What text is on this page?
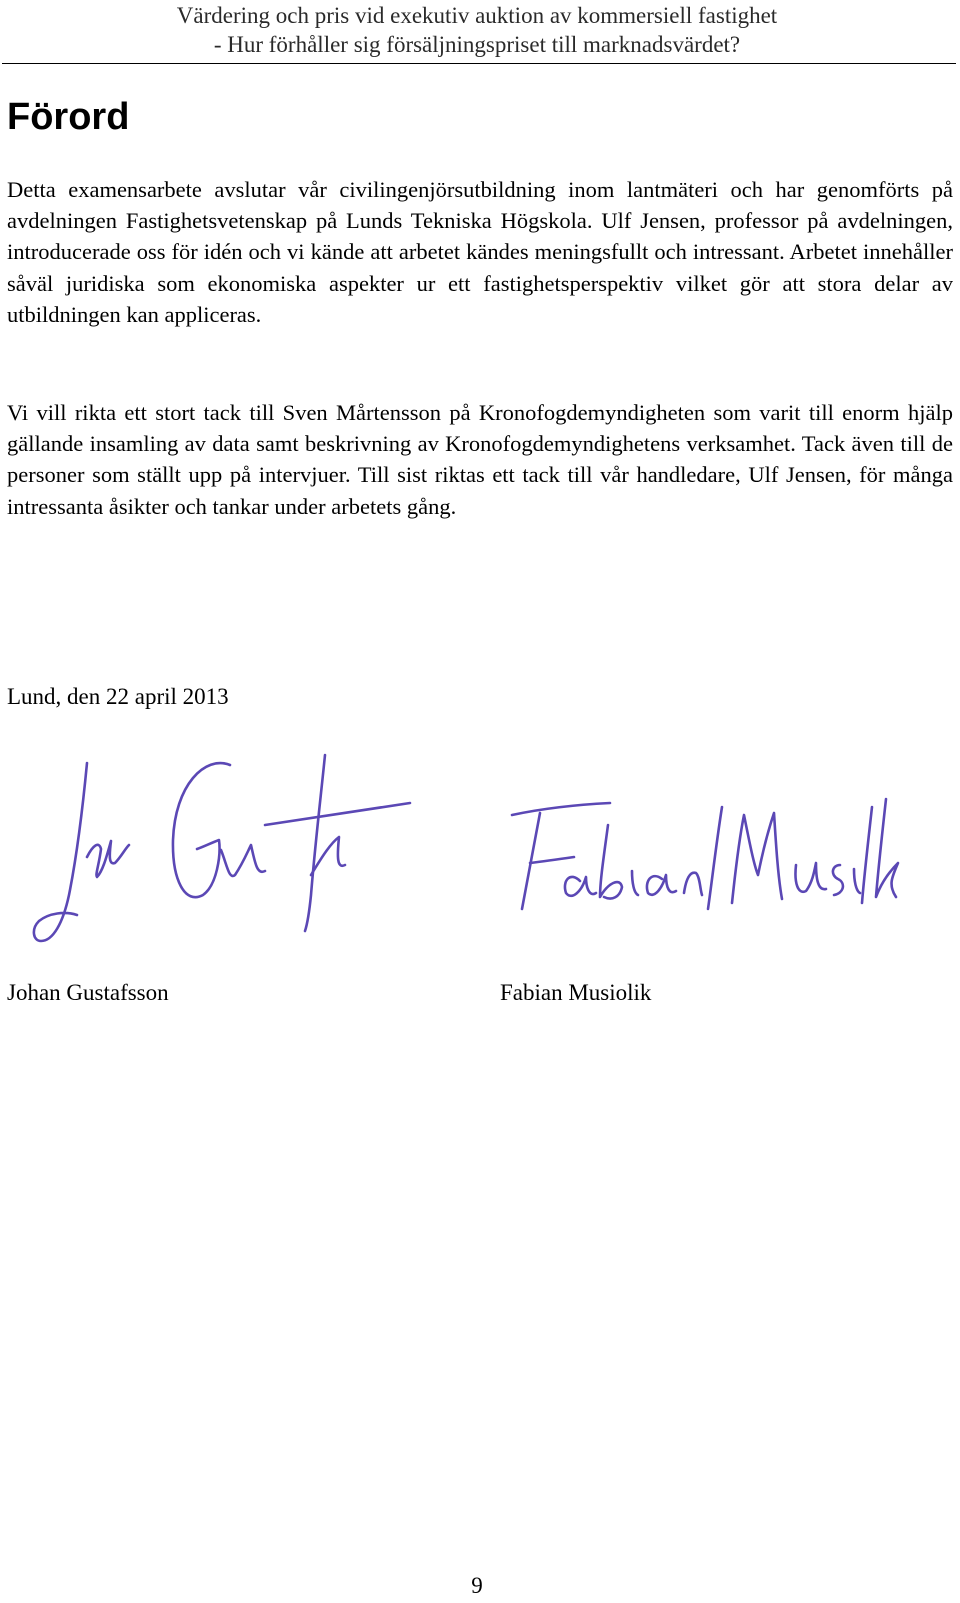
Värdering och pris vid exekutiv auktion av kommersiell fastighet
- Hur förhåller sig försäljningspriset till marknadsvärdet?
Förord

Detta examensarbete avslutar vår civilingenjörsutbildning inom lantmäteri och har genomförts på avdelningen Fastighetsvetenskap på Lunds Tekniska Högskola. Ulf Jensen, professor på avdelningen, introducerade oss för idén och vi kände att arbetet kändes meningsfullt och intressant. Arbetet innehåller såväl juridiska som ekonomiska aspekter ur ett fastighetsperspektiv vilket gör att stora delar av utbildningen kan appliceras.

Vi vill rikta ett stort tack till Sven Mårtensson på Kronofogdemyndigheten som varit till enorm hjälp gällande insamling av data samt beskrivning av Kronofogdemyndighetens verksamhet. Tack även till de personer som ställt upp på intervjuer. Till sist riktas ett tack till vår handledare, Ulf Jensen, för många intressanta åsikter och tankar under arbetets gång.

Lund, den 22 april 2013

Johan Gustafsson	Fabian Musiolik

9
